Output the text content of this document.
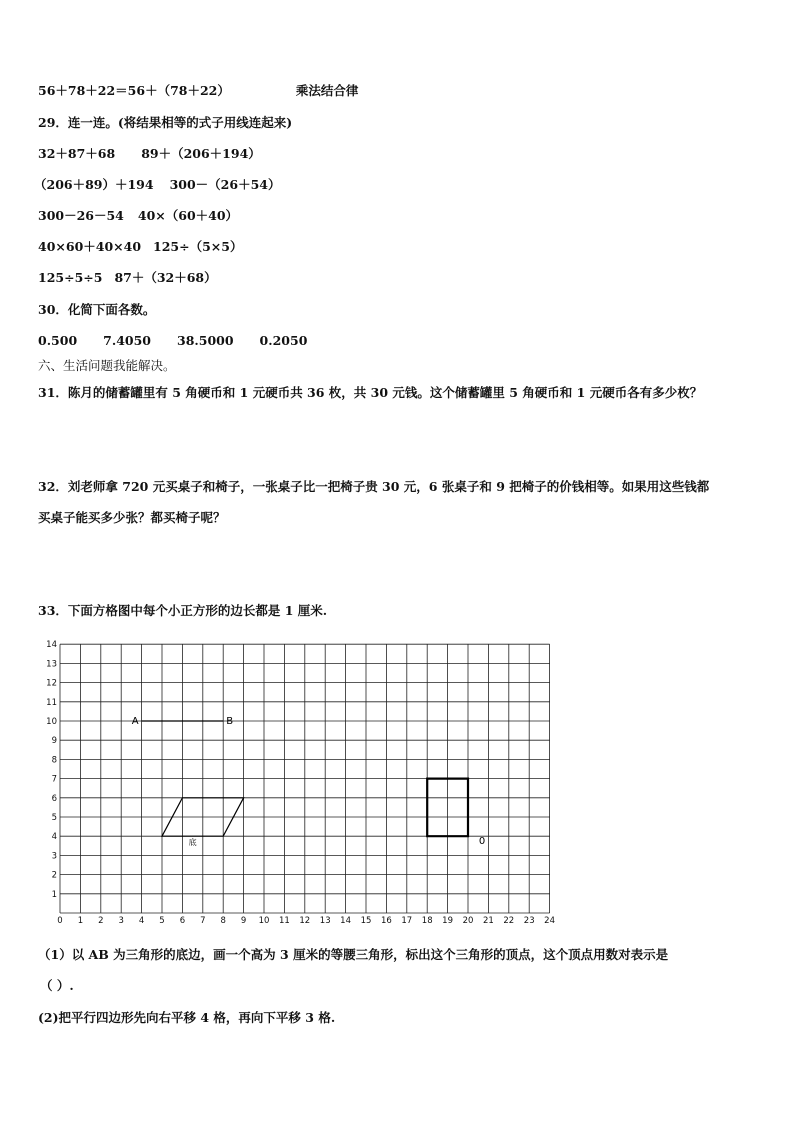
56＋78＋22＝56＋（78＋22）	乘法结合律
29．连一连。(将结果相等的式子用线连起来)
32＋87＋68 89＋（206＋194）
（206＋89）＋194 300－（26＋54）
300－26－54 40×（60＋40）
40×60＋40×40 125÷（5×5）
125÷5÷5 87＋（32＋68）
30．化简下面各数。
0.500 7.4050 38.5000 0.2050
六、生活问题我能解决。
31．陈月的储蓄罐里有 5 角硬币和 1 元硬币共 36 枚，共 30 元钱。这个储蓄罐里 5 角硬币和 1 元硬币各有多少枚？
32．刘老师拿 720 元买桌子和椅子，一张桌子比一把椅子贵 30 元，6 张桌子和 9 把椅子的价钱相等。如果用这些钱都
买桌子能买多少张？都买椅子呢？
33．下面方格图中每个小正方形的边长都是 1 厘米.
0 1 2 3 4 5 6 7 8 9 10 11 12 13 14 15 16 17 18 19 20 21 22 23 24
1
2
3
4
5
6
7
8
9
10
11
12
13
14
A	B
底	0
（1）以 AB 为三角形的底边，画一个高为 3 厘米的等腰三角形，标出这个三角形的顶点，这个顶点用数对表示是
（ ）.
(2)把平行四边形先向右平移 4 格，再向下平移 3 格.
